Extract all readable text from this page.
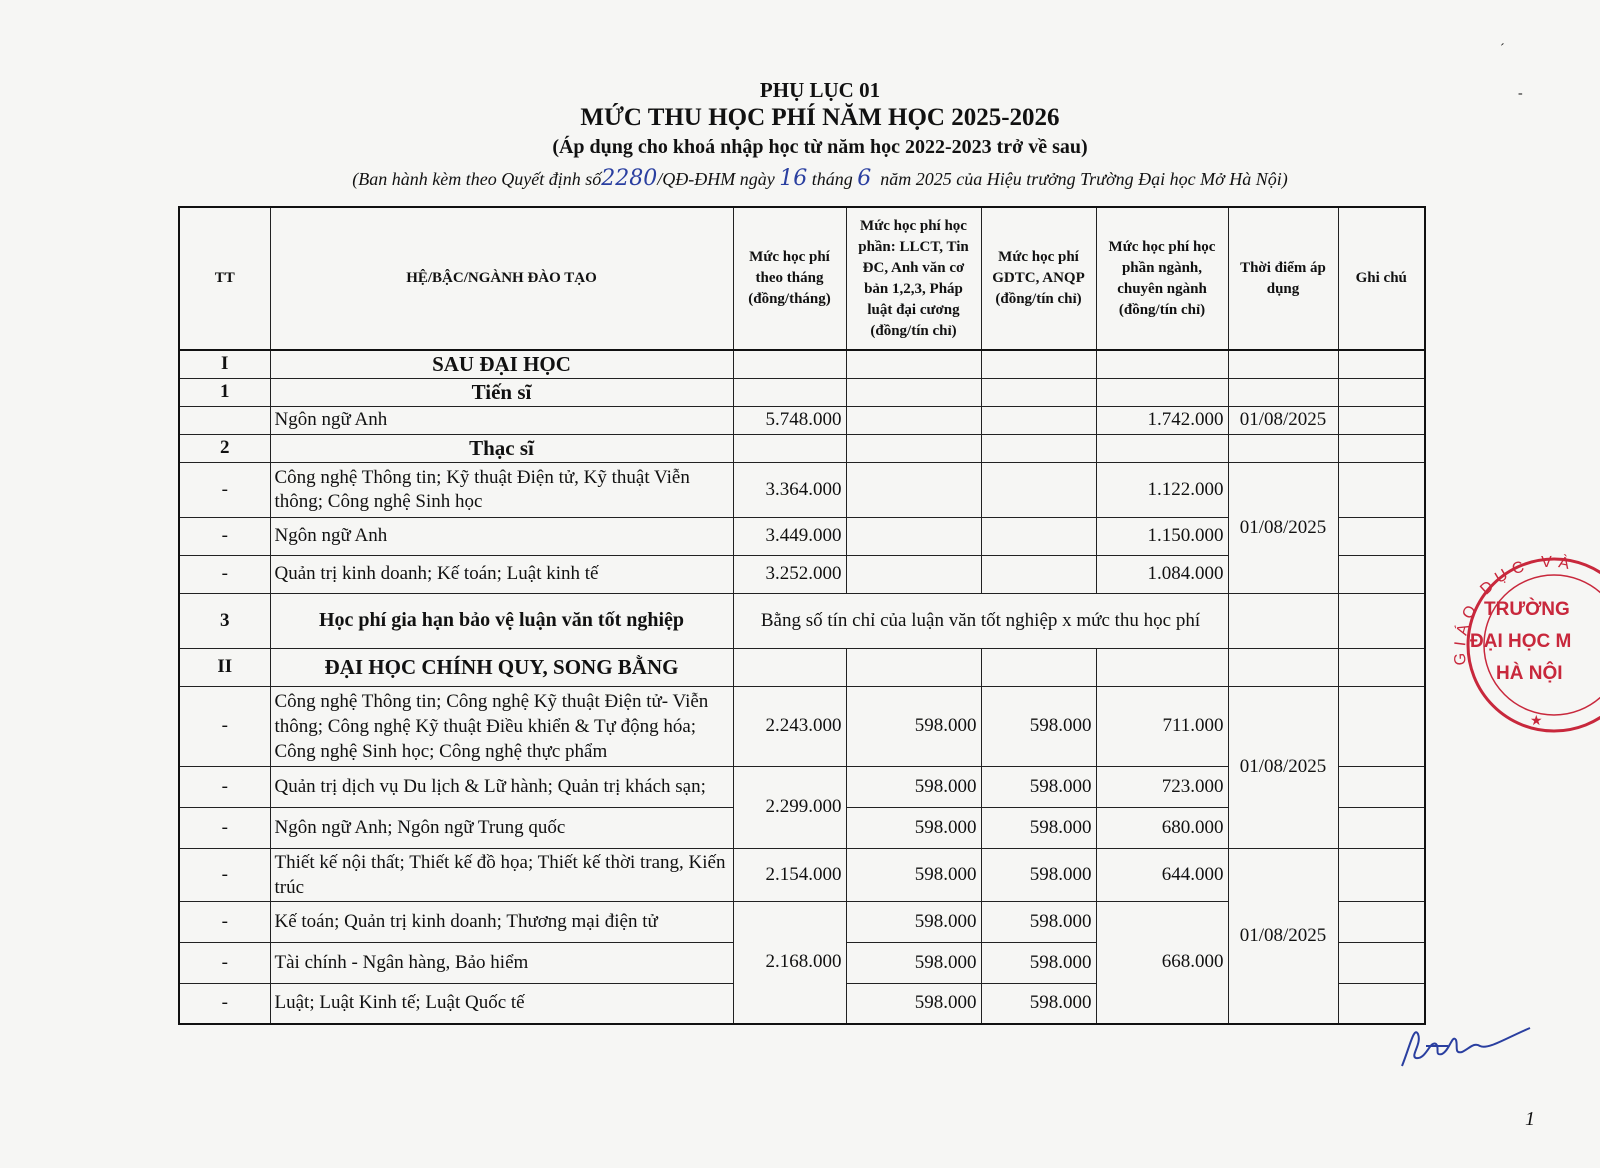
PHỤ LỤC 01
MỨC THU HỌC PHÍ NĂM HỌC 2025-2026
(Áp dụng cho khoá nhập học từ năm học 2022-2023 trở về sau)
(Ban hành kèm theo Quyết định số2280/QĐ-ĐHM ngày 16 tháng 6 năm 2025 của Hiệu trưởng Trường Đại học Mở Hà Nội)
TT	HỆ/BẬC/NGÀNH ĐÀO TẠO	Mức học phí theo tháng (đồng/tháng)	Mức học phí học phần: LLCT, Tin ĐC, Anh văn cơ bản 1,2,3, Pháp luật đại cương (đồng/tín chỉ)	Mức học phí GDTC, ANQP (đồng/tín chỉ)	Mức học phí học phần ngành, chuyên ngành (đồng/tín chỉ)	Thời điểm áp dụng	Ghi chú
I	SAU ĐẠI HỌC						
1	Tiến sĩ						
	Ngôn ngữ Anh	5.748.000			1.742.000	01/08/2025	
2	Thạc sĩ						
-	Công nghệ Thông tin; Kỹ thuật Điện tử, Kỹ thuật Viễn thông; Công nghệ Sinh học	3.364.000			1.122.000	01/08/2025	
-	Ngôn ngữ Anh	3.449.000			1.150.000		
-	Quản trị kinh doanh; Kế toán; Luật kinh tế	3.252.000			1.084.000		
3	Học phí gia hạn bảo vệ luận văn tốt nghiệp	Bằng số tín chỉ của luận văn tốt nghiệp x mức thu học phí					
II	ĐẠI HỌC CHÍNH QUY, SONG BẰNG						
-	Công nghệ Thông tin; Công nghệ Kỹ thuật Điện tử- Viễn thông; Công nghệ Kỹ thuật Điều khiển & Tự động hóa; Công nghệ Sinh học; Công nghệ thực phẩm	2.243.000	598.000	598.000	711.000	01/08/2025	
-	Quản trị dịch vụ Du lịch & Lữ hành; Quản trị khách sạn;	2.299.000	598.000	598.000	723.000		
-	Ngôn ngữ Anh; Ngôn ngữ Trung quốc		598.000	598.000	680.000		
-	Thiết kế nội thất; Thiết kế đồ họa; Thiết kế thời trang, Kiến trúc	2.154.000	598.000	598.000	644.000	01/08/2025	
-	Kế toán; Quản trị kinh doanh; Thương mại điện tử	2.168.000	598.000	598.000	668.000		
-	Tài chính - Ngân hàng, Bảo hiểm		598.000	598.000			
-	Luật; Luật Kinh tế; Luật Quốc tế		598.000	598.000			
GIÁO DỤC VÀ
TRƯỜNG
ĐẠI HỌC M
HÀ NỘI
★
´
-
1
